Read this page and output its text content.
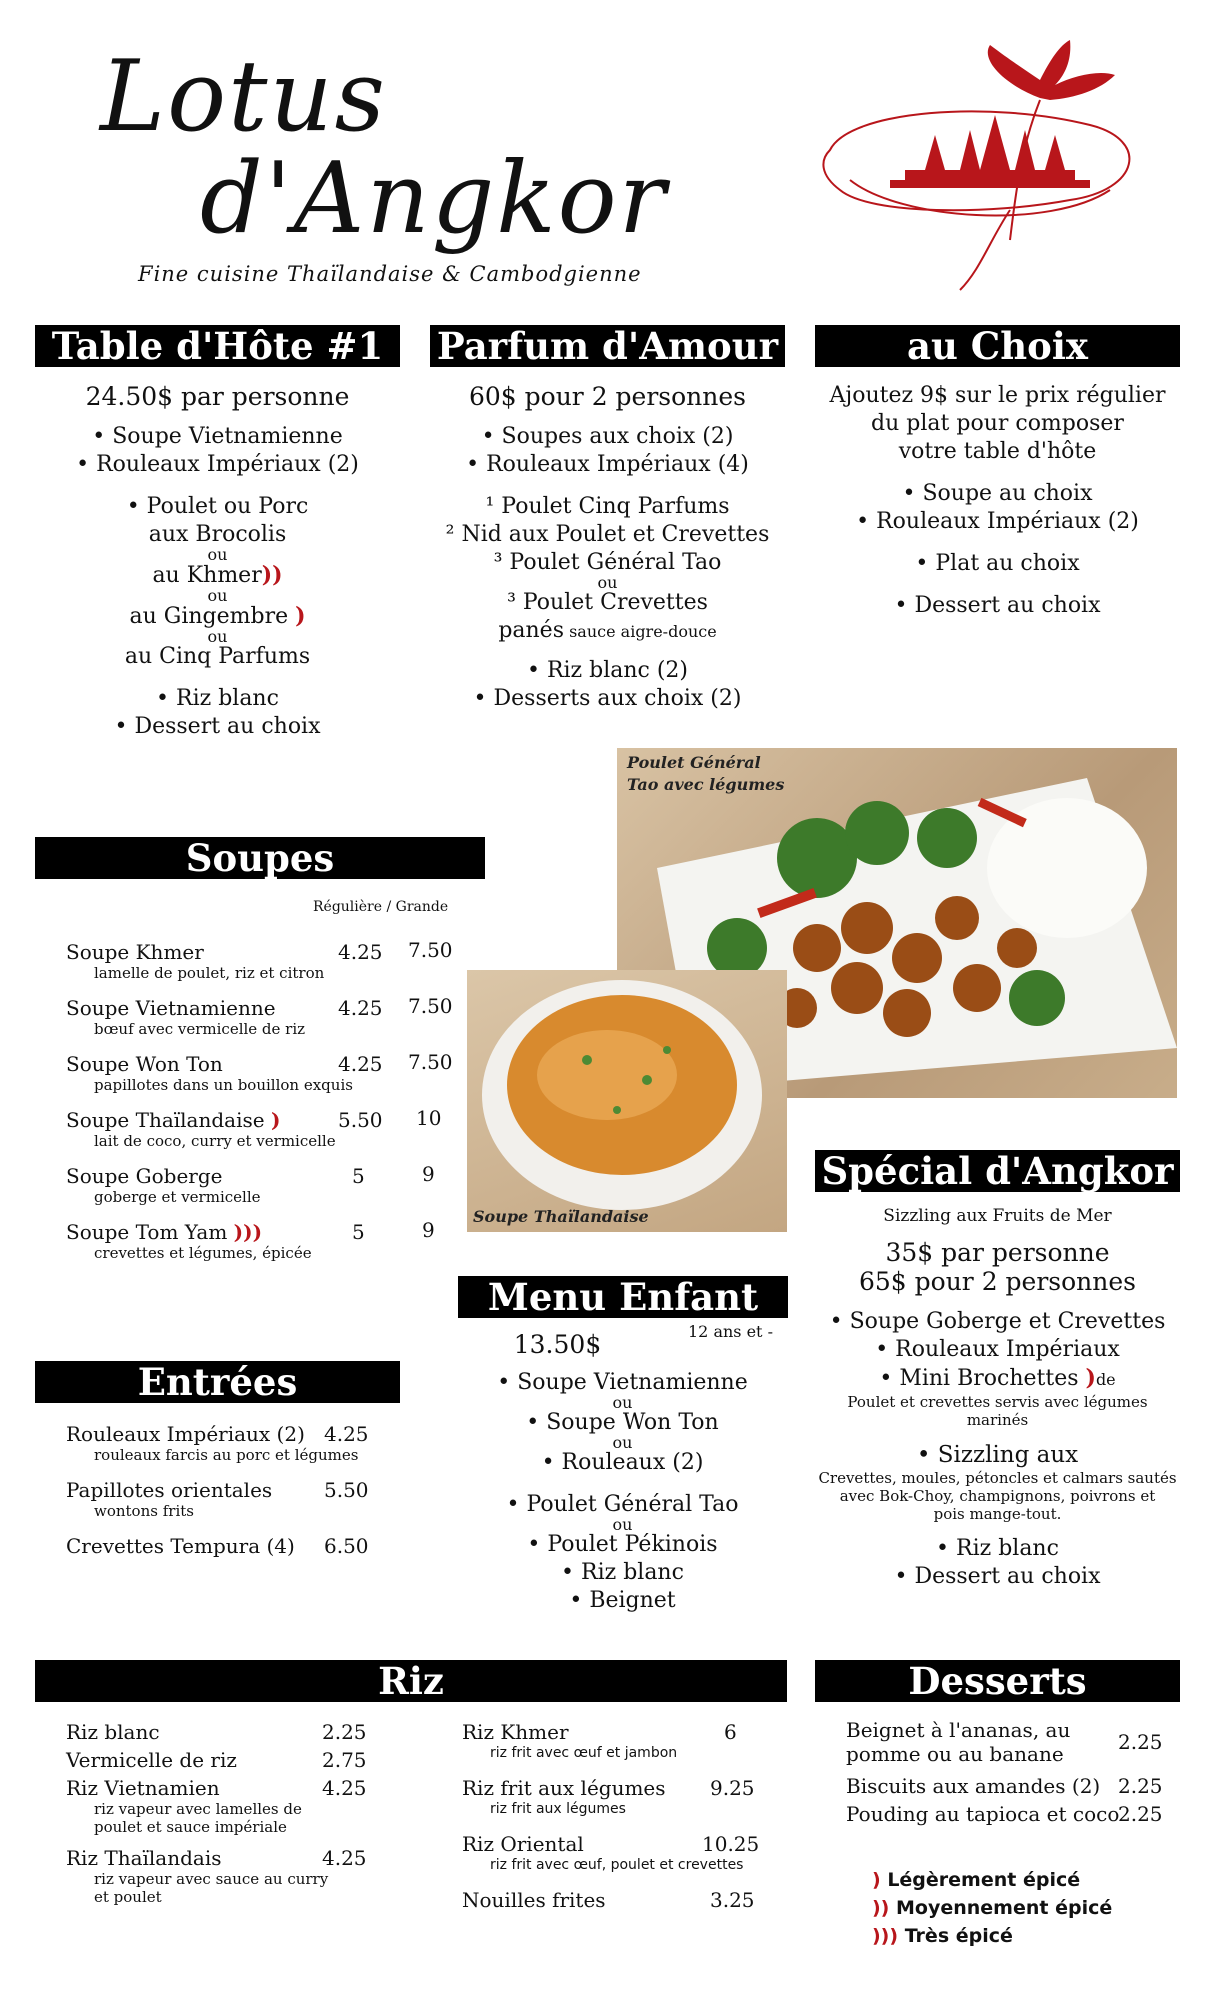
Lotus
d'Angkor
Fine cuisine Thaïlandaise & Cambodgienne
Table d'Hôte #1
24.50$ par personne
• Soupe Vietnamienne
• Rouleaux Impériaux (2)
• Poulet ou Porc
aux Brocolis
ou
au Khmer))
ou
au Gingembre )
ou
au Cinq Parfums
• Riz blanc
• Dessert au choix
Parfum d'Amour
60$ pour 2 personnes
• Soupes aux choix (2)
• Rouleaux Impériaux (4)
¹ Poulet Cinq Parfums
² Nid aux Poulet et Crevettes
³ Poulet Général Tao
ou
³ Poulet Crevettes
panés sauce aigre-douce
• Riz blanc (2)
• Desserts aux choix (2)
au Choix
Ajoutez 9$ sur le prix régulier
du plat pour composer
votre table d'hôte
• Soupe au choix
• Rouleaux Impériaux (2)
• Plat au choix
• Dessert au choix
Poulet Général Tao avec légumes
Soupe Thaïlandaise
Soupes
Régulière / Grande
Soupe Khmer
lamelle de poulet, riz et citron
4.25 7.50
Soupe Vietnamienne
bœuf avec vermicelle de riz
4.25 7.50
Soupe Won Ton
papillotes dans un bouillon exquis
4.25 7.50
Soupe Thaïlandaise )
lait de coco, curry et vermicelle
5.50 10
Soupe Goberge
goberge et vermicelle
5	9
Soupe Tom Yam )))
crevettes et légumes, épicée
5	9
Entrées
Rouleaux Impériaux (2)
rouleaux farcis au porc et légumes
4.25
Papillotes orientales
wontons frits
5.50
Crevettes Tempura (4)	6.50
Menu Enfant
12 ans et -
13.50$
• Soupe Vietnamienne
ou
• Soupe Won Ton
ou
• Rouleaux (2)
• Poulet Général Tao
ou
• Poulet Pékinois
• Riz blanc
• Beignet
Spécial d'Angkor
Sizzling aux Fruits de Mer
35$ par personne
65$ pour 2 personnes
• Soupe Goberge et Crevettes
• Rouleaux Impériaux
• Mini Brochettes )de
Poulet et crevettes servis avec légumes
marinés
• Sizzling aux
Crevettes, moules, pétoncles et calmars sautés
avec Bok-Choy, champignons, poivrons et
pois mange-tout.
• Riz blanc
• Dessert au choix
Riz
Riz blanc	2.25
Vermicelle de riz	2.75
Riz Vietnamien
riz vapeur avec lamelles de
poulet et sauce impériale
4.25
Riz Thaïlandais
riz vapeur avec sauce au curry
et poulet
4.25
Riz Khmer
riz frit avec œuf et jambon
6
Riz frit aux légumes
riz frit aux légumes
9.25
Riz Oriental
riz frit avec œuf, poulet et crevettes
10.25
Nouilles frites	3.25
Desserts
Beignet à l'ananas, au
pomme ou au banane	2.25
Biscuits aux amandes (2) 2.25
Pouding au tapioca et coco
2.25
) Légèrement épicé
)) Moyennement épicé
))) Très épicé
